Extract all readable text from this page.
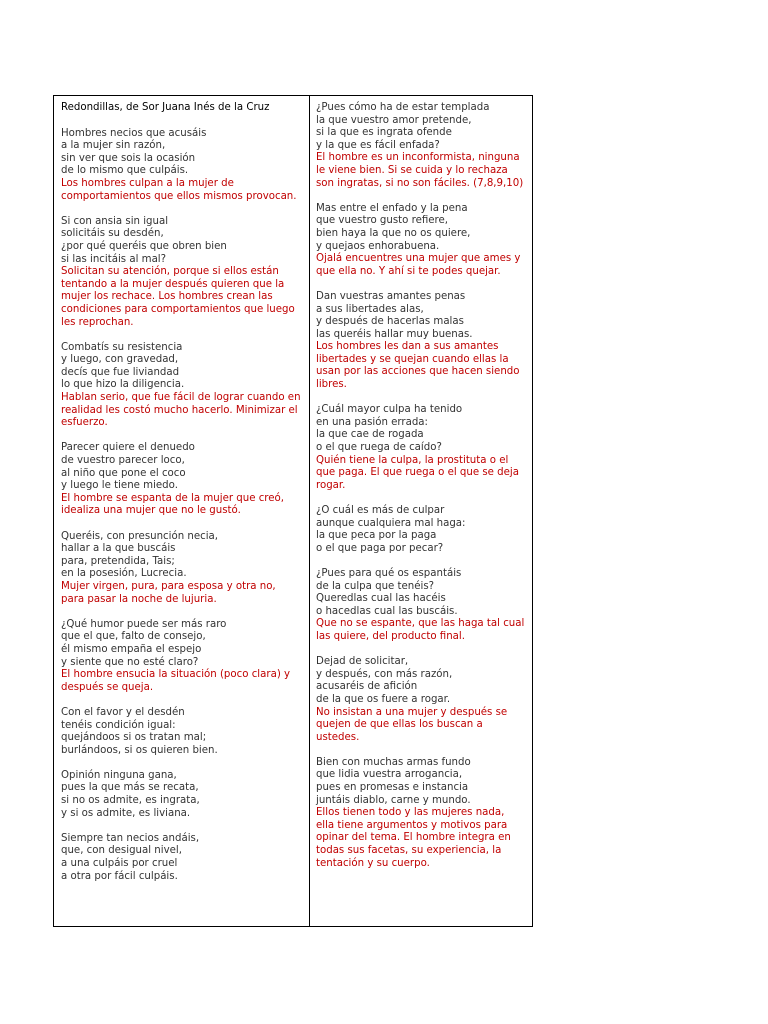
Redondillas, de Sor Juana Inés de la Cruz

Hombres necios que acusáis

a la mujer sin razón,

sin ver que sois la ocasión

de lo mismo que culpáis.

Los hombres culpan a la mujer de comportamientos que ellos mismos provocan.

Si con ansia sin igual

solicitáis su desdén,

¿por qué queréis que obren bien

si las incitáis al mal?

Solicitan su atención, porque si ellos están tentando a la mujer después quieren que la mujer los rechace. Los hombres crean las condiciones para comportamientos que luego les reprochan.

Combatís su resistencia

y luego, con gravedad,

decís que fue liviandad

lo que hizo la diligencia.

Hablan serio, que fue fácil de lograr cuando en realidad les costó mucho hacerlo. Minimizar el esfuerzo.

Parecer quiere el denuedo

de vuestro parecer loco,

al niño que pone el coco

y luego le tiene miedo.

El hombre se espanta de la mujer que creó, idealiza una mujer que no le gustó.

Queréis, con presunción necia,

hallar a la que buscáis

para, pretendida, Tais;

en la posesión, Lucrecia.

Mujer virgen, pura, para esposa y otra no, para pasar la noche de lujuria.

¿Qué humor puede ser más raro

que el que, falto de consejo,

él mismo empaña el espejo

y siente que no esté claro?

El hombre ensucia la situación (poco clara) y después se queja.

Con el favor y el desdén

tenéis condición igual:

quejándoos si os tratan mal;

burlándoos, si os quieren bien.

Opinión ninguna gana,

pues la que más se recata,

si no os admite, es ingrata,

y si os admite, es liviana.

Siempre tan necios andáis,

que, con desigual nivel,

a una culpáis por cruel

a otra por fácil culpáis.

¿Pues cómo ha de estar templada

la que vuestro amor pretende,

si la que es ingrata ofende

y la que es fácil enfada?

El hombre es un inconformista, ninguna le viene bien. Si se cuida y lo rechaza son ingratas, si no son fáciles. (7,8,9,10)

Mas entre el enfado y la pena

que vuestro gusto refiere,

bien haya la que no os quiere,

y quejaos enhorabuena.

Ojalá encuentres una mujer que ames y que ella no. Y ahí si te podes quejar.

Dan vuestras amantes penas

a sus libertades alas,

y después de hacerlas malas

las queréis hallar muy buenas.

Los hombres les dan a sus amantes libertades y se quejan cuando ellas la usan por las acciones que hacen siendo libres.

¿Cuál mayor culpa ha tenido

en una pasión errada:

la que cae de rogada

o el que ruega de caído?

Quién tiene la culpa, la prostituta o el que paga. El que ruega o el que se deja rogar.

¿O cuál es más de culpar

aunque cualquiera mal haga:

la que peca por la paga

o el que paga por pecar?

¿Pues para qué os espantáis

de la culpa que tenéis?

Queredlas cual las hacéis

o hacedlas cual las buscáis.

Que no se espante, que las haga tal cual las quiere, del producto final.

Dejad de solicitar,

y después, con más razón,

acusaréis de afición

de la que os fuere a rogar.

No insistan a una mujer y después se quejen de que ellas los buscan a ustedes.

Bien con muchas armas fundo

que lidia vuestra arrogancia,

pues en promesas e instancia

juntáis diablo, carne y mundo.

Ellos tienen todo y las mujeres nada, ella tiene argumentos y motivos para opinar del tema. El hombre integra en todas sus facetas, su experiencia, la tentación y su cuerpo.
